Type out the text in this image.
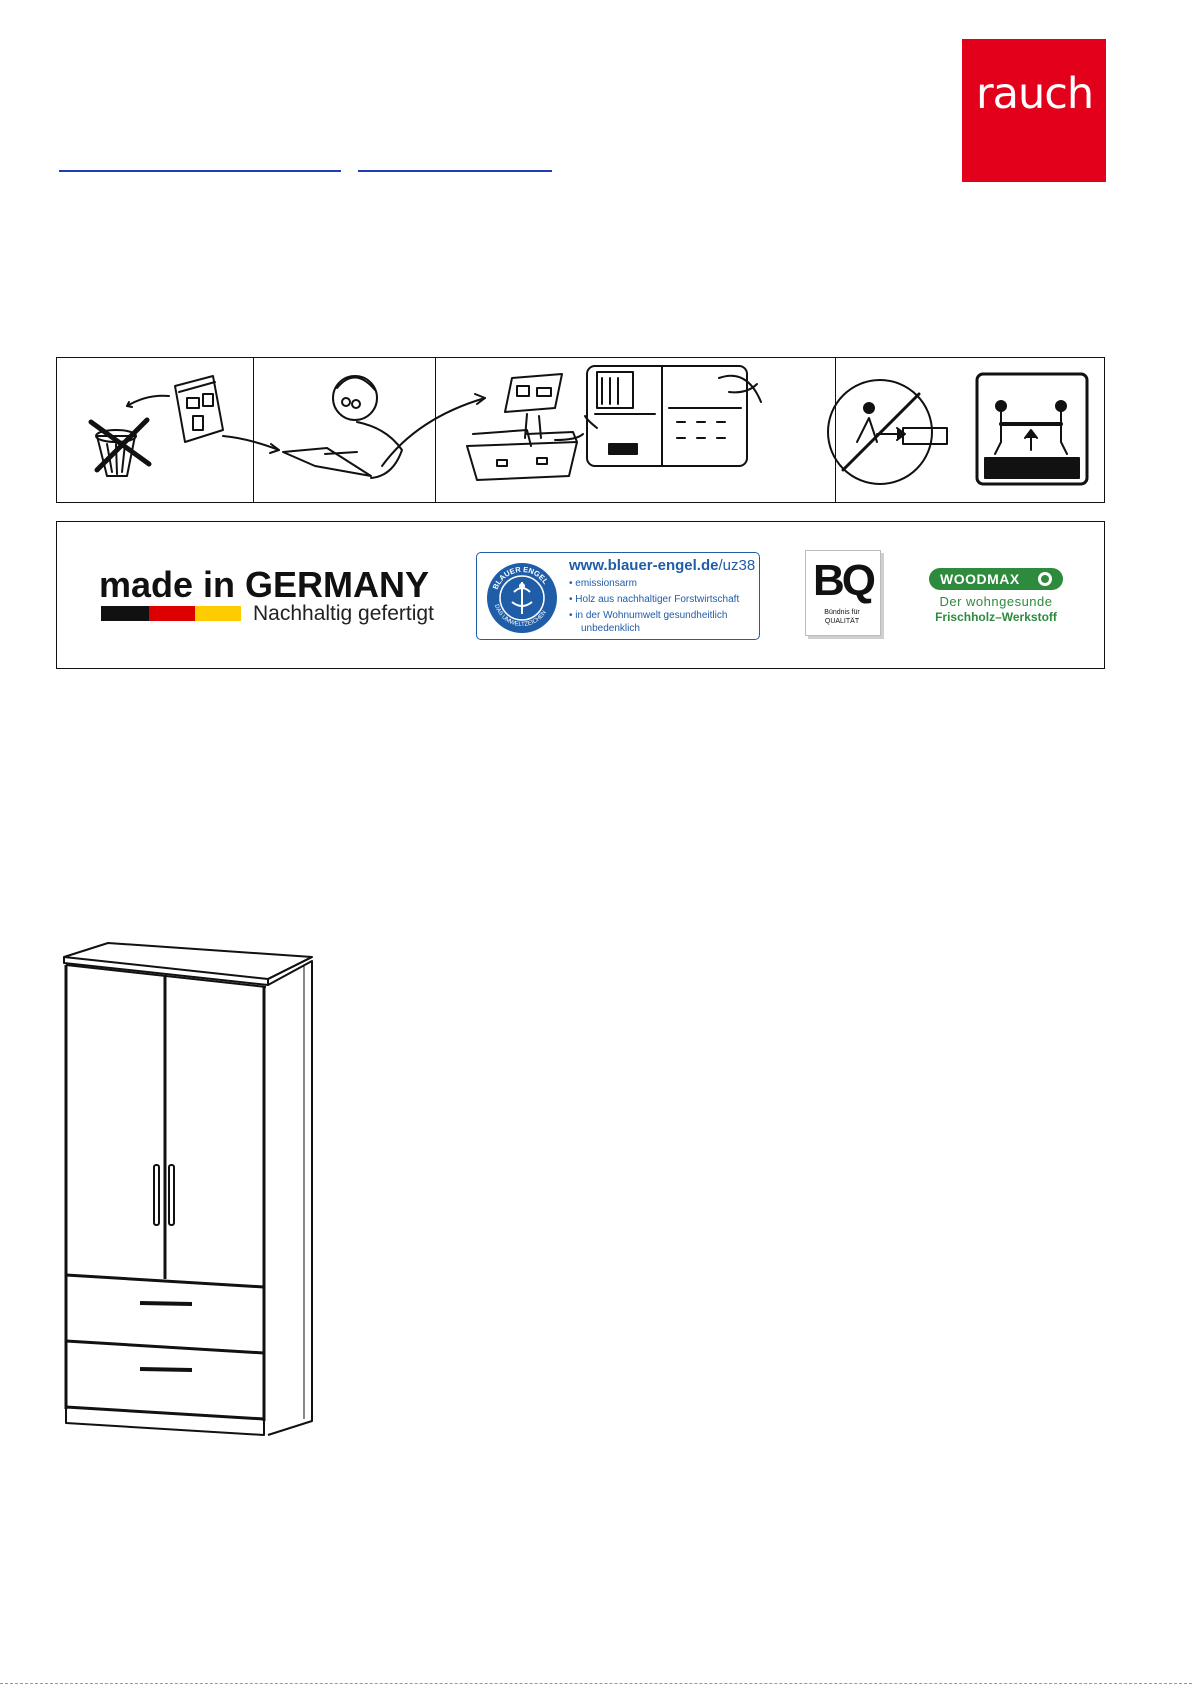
rauch
made in GERMANY
Nachhaltig gefertigt
BLAUER ENGEL
DAS UMWELTZEICHEN
www.blauer-engel.de/uz38
• emissionsarm
• Holz aus nachhaltiger Forstwirtschaft
• in der Wohnumwelt gesundheitlich
unbedenklich
BQ
Bündnis für QUALITÄT
WOODMAX
Der wohngesunde
Frischholz–Werkstoff
